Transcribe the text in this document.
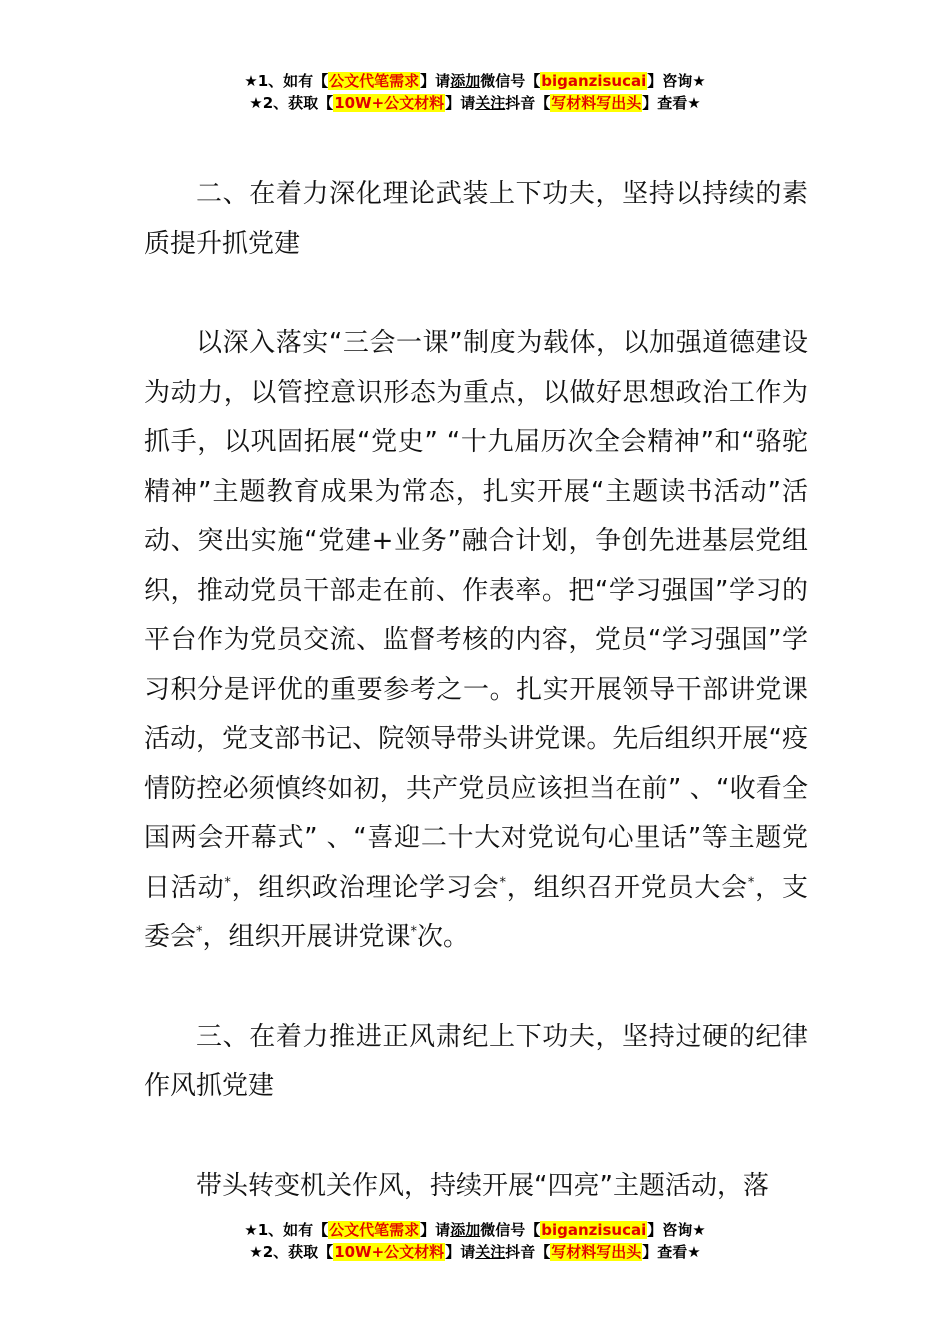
★1、如有【公文代笔需求】请添加微信号【biganzisucai】咨询★
★2、获取【10W+公文材料】请关注抖音【写材料写出头】查看★

二、在着力深化理论武装上下功夫，坚持以持续的素质提升抓党建

以深入落实“三会一课”制度为载体，以加强道德建设为动力，以管控意识形态为重点，以做好思想政治工作为抓手，以巩固拓展“党史” “十九届历次全会精神”和“骆驼精神”主题教育成果为常态，扎实开展“主题读书活动”活动、突出实施“党建+业务”融合计划，争创先进基层党组织，推动党员干部走在前、作表率。把“学习强国”学习的平台作为党员交流、监督考核的内容，党员“学习强国”学习积分是评优的重要参考之一。扎实开展领导干部讲党课活动，党支部书记、院领导带头讲党课。先后组织开展“疫情防控必须慎终如初，共产党员应该担当在前” 、“收看全国两会开幕式” 、“喜迎二十大对党说句心里话”等主题党日活动*，组织政治理论学习会*，组织召开党员大会*，支委会*，组织开展讲党课*次。

三、在着力推进正风肃纪上下功夫，坚持过硬的纪律作风抓党建

带头转变机关作风，持续开展“四亮”主题活动，落

★1、如有【公文代笔需求】请添加微信号【biganzisucai】咨询★
★2、获取【10W+公文材料】请关注抖音【写材料写出头】查看★
